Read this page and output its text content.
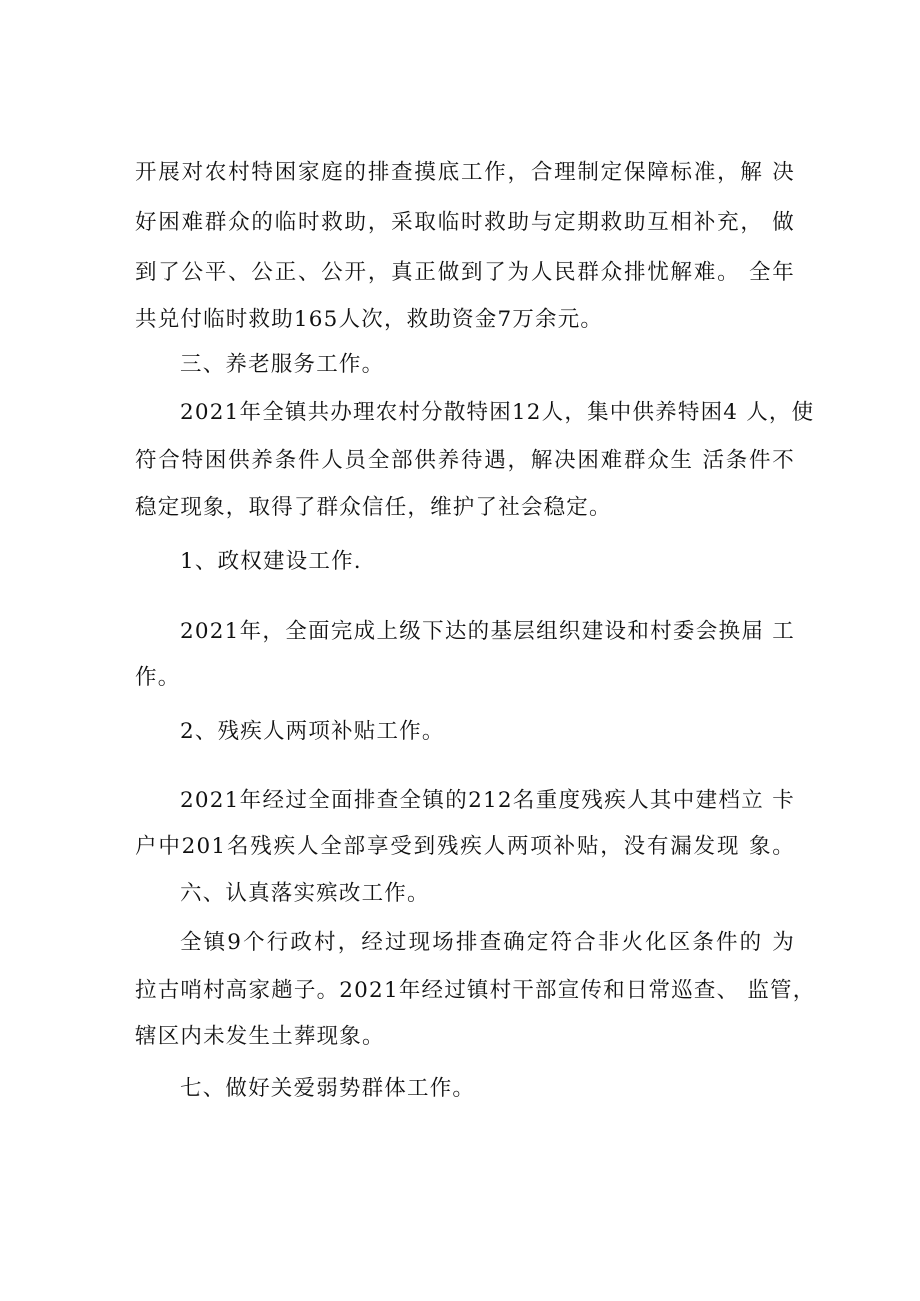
开展对农村特困家庭的排查摸底工作，合理制定保障标准，解 决
好困难群众的临时救助，采取临时救助与定期救助互相补充， 做
到了公平、公正、公开，真正做到了为人民群众排忧解难。 全年
共兑付临时救助165人次，救助资金7万余元。
三、养老服务工作。
2021年全镇共办理农村分散特困12人，集中供养特困4 人，使
符合特困供养条件人员全部供养待遇，解决困难群众生 活条件不
稳定现象，取得了群众信任，维护了社会稳定。
1、政权建设工作.
2021年，全面完成上级下达的基层组织建设和村委会换届 工
作。
2、残疾人两项补贴工作。
2021年经过全面排查全镇的212名重度残疾人其中建档立 卡
户中201名残疾人全部享受到残疾人两项补贴，没有漏发现 象。
六、认真落实殡改工作。
全镇9个行政村，经过现场排查确定符合非火化区条件的 为
拉古哨村高家趟子。2021年经过镇村干部宣传和日常巡查、 监管，
辖区内未发生土葬现象。
七、做好关爱弱势群体工作。
